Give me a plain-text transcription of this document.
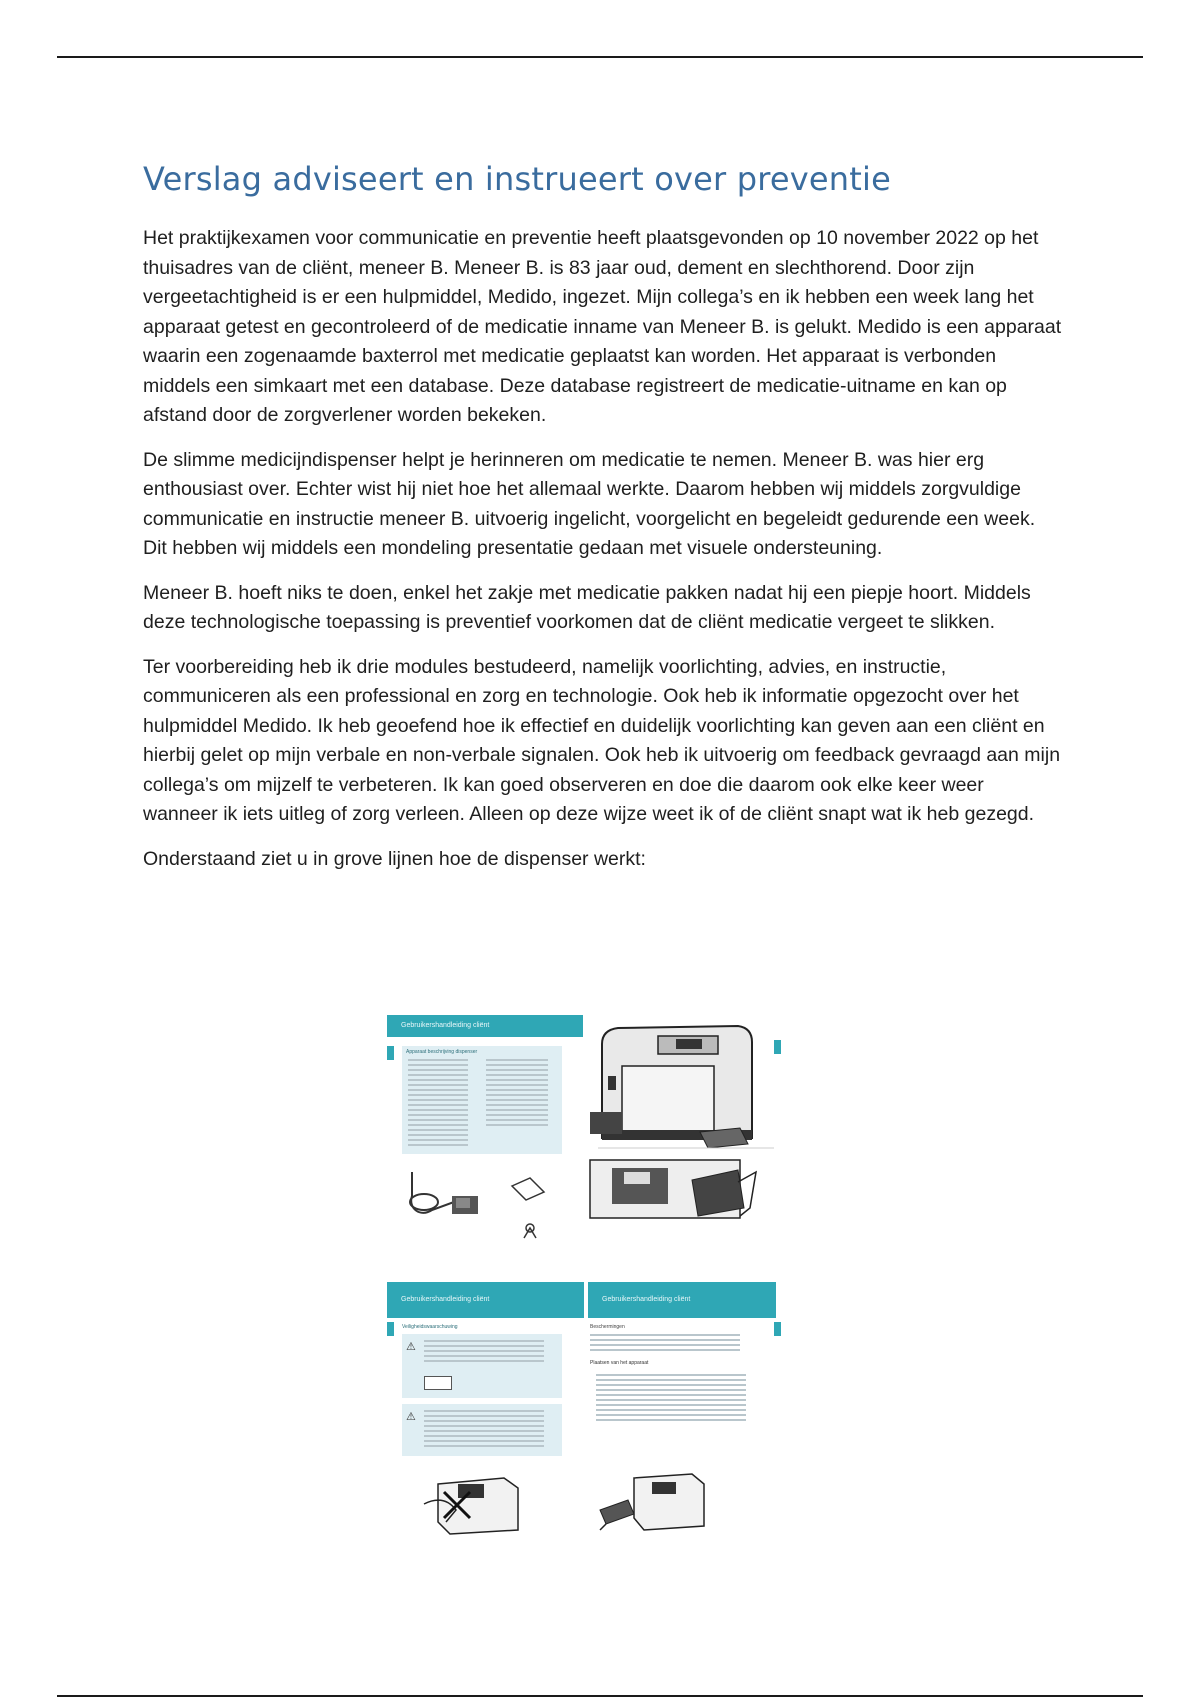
Verslag adviseert en instrueert over preventie

Het praktijkexamen voor communicatie en preventie heeft plaatsgevonden op 10 november 2022 op het thuisadres van de cliënt, meneer B. Meneer B. is 83 jaar oud, dement en slechthorend. Door zijn vergeetachtigheid is er een hulpmiddel, Medido, ingezet. Mijn collega’s en ik hebben een week lang het apparaat getest en gecontroleerd of de medicatie inname van Meneer B. is gelukt. Medido is een apparaat waarin een zogenaamde baxterrol met medicatie geplaatst kan worden. Het apparaat is verbonden middels een simkaart met een database. Deze database registreert de medicatie-uitname en kan op afstand door de zorgverlener worden bekeken.

De slimme medicijndispenser helpt je herinneren om medicatie te nemen. Meneer B. was hier erg enthousiast over. Echter wist hij niet hoe het allemaal werkte. Daarom hebben wij middels zorgvuldige communicatie en instructie meneer B. uitvoerig ingelicht, voorgelicht en begeleidt gedurende een week. Dit hebben wij middels een mondeling presentatie gedaan met visuele ondersteuning.

Meneer B. hoeft niks te doen, enkel het zakje met medicatie pakken nadat hij een piepje hoort. Middels deze technologische toepassing is preventief voorkomen dat de cliënt medicatie vergeet te slikken.

Ter voorbereiding heb ik drie modules bestudeerd, namelijk voorlichting, advies, en instructie, communiceren als een professional en zorg en technologie. Ook heb ik informatie opgezocht over het hulpmiddel Medido. Ik heb geoefend hoe ik effectief en duidelijk voorlichting kan geven aan een cliënt en hierbij gelet op mijn verbale en non-verbale signalen. Ook heb ik uitvoerig om feedback gevraagd aan mijn collega’s om mijzelf te verbeteren. Ik kan goed observeren en doe die daarom ook elke keer weer wanneer ik iets uitleg of zorg verleen. Alleen op deze wijze weet ik of de cliënt snapt wat ik heb gezegd.

Onderstaand ziet u in grove lijnen hoe de dispenser werkt:

Gebruikershandleiding cliënt
Apparaat beschrijving dispenser
Gebruikershandleiding cliënt
Veiligheidswaarschuwing
⚠
⚠
Gebruikershandleiding cliënt
Beschermingen
Plaatsen van het apparaat
